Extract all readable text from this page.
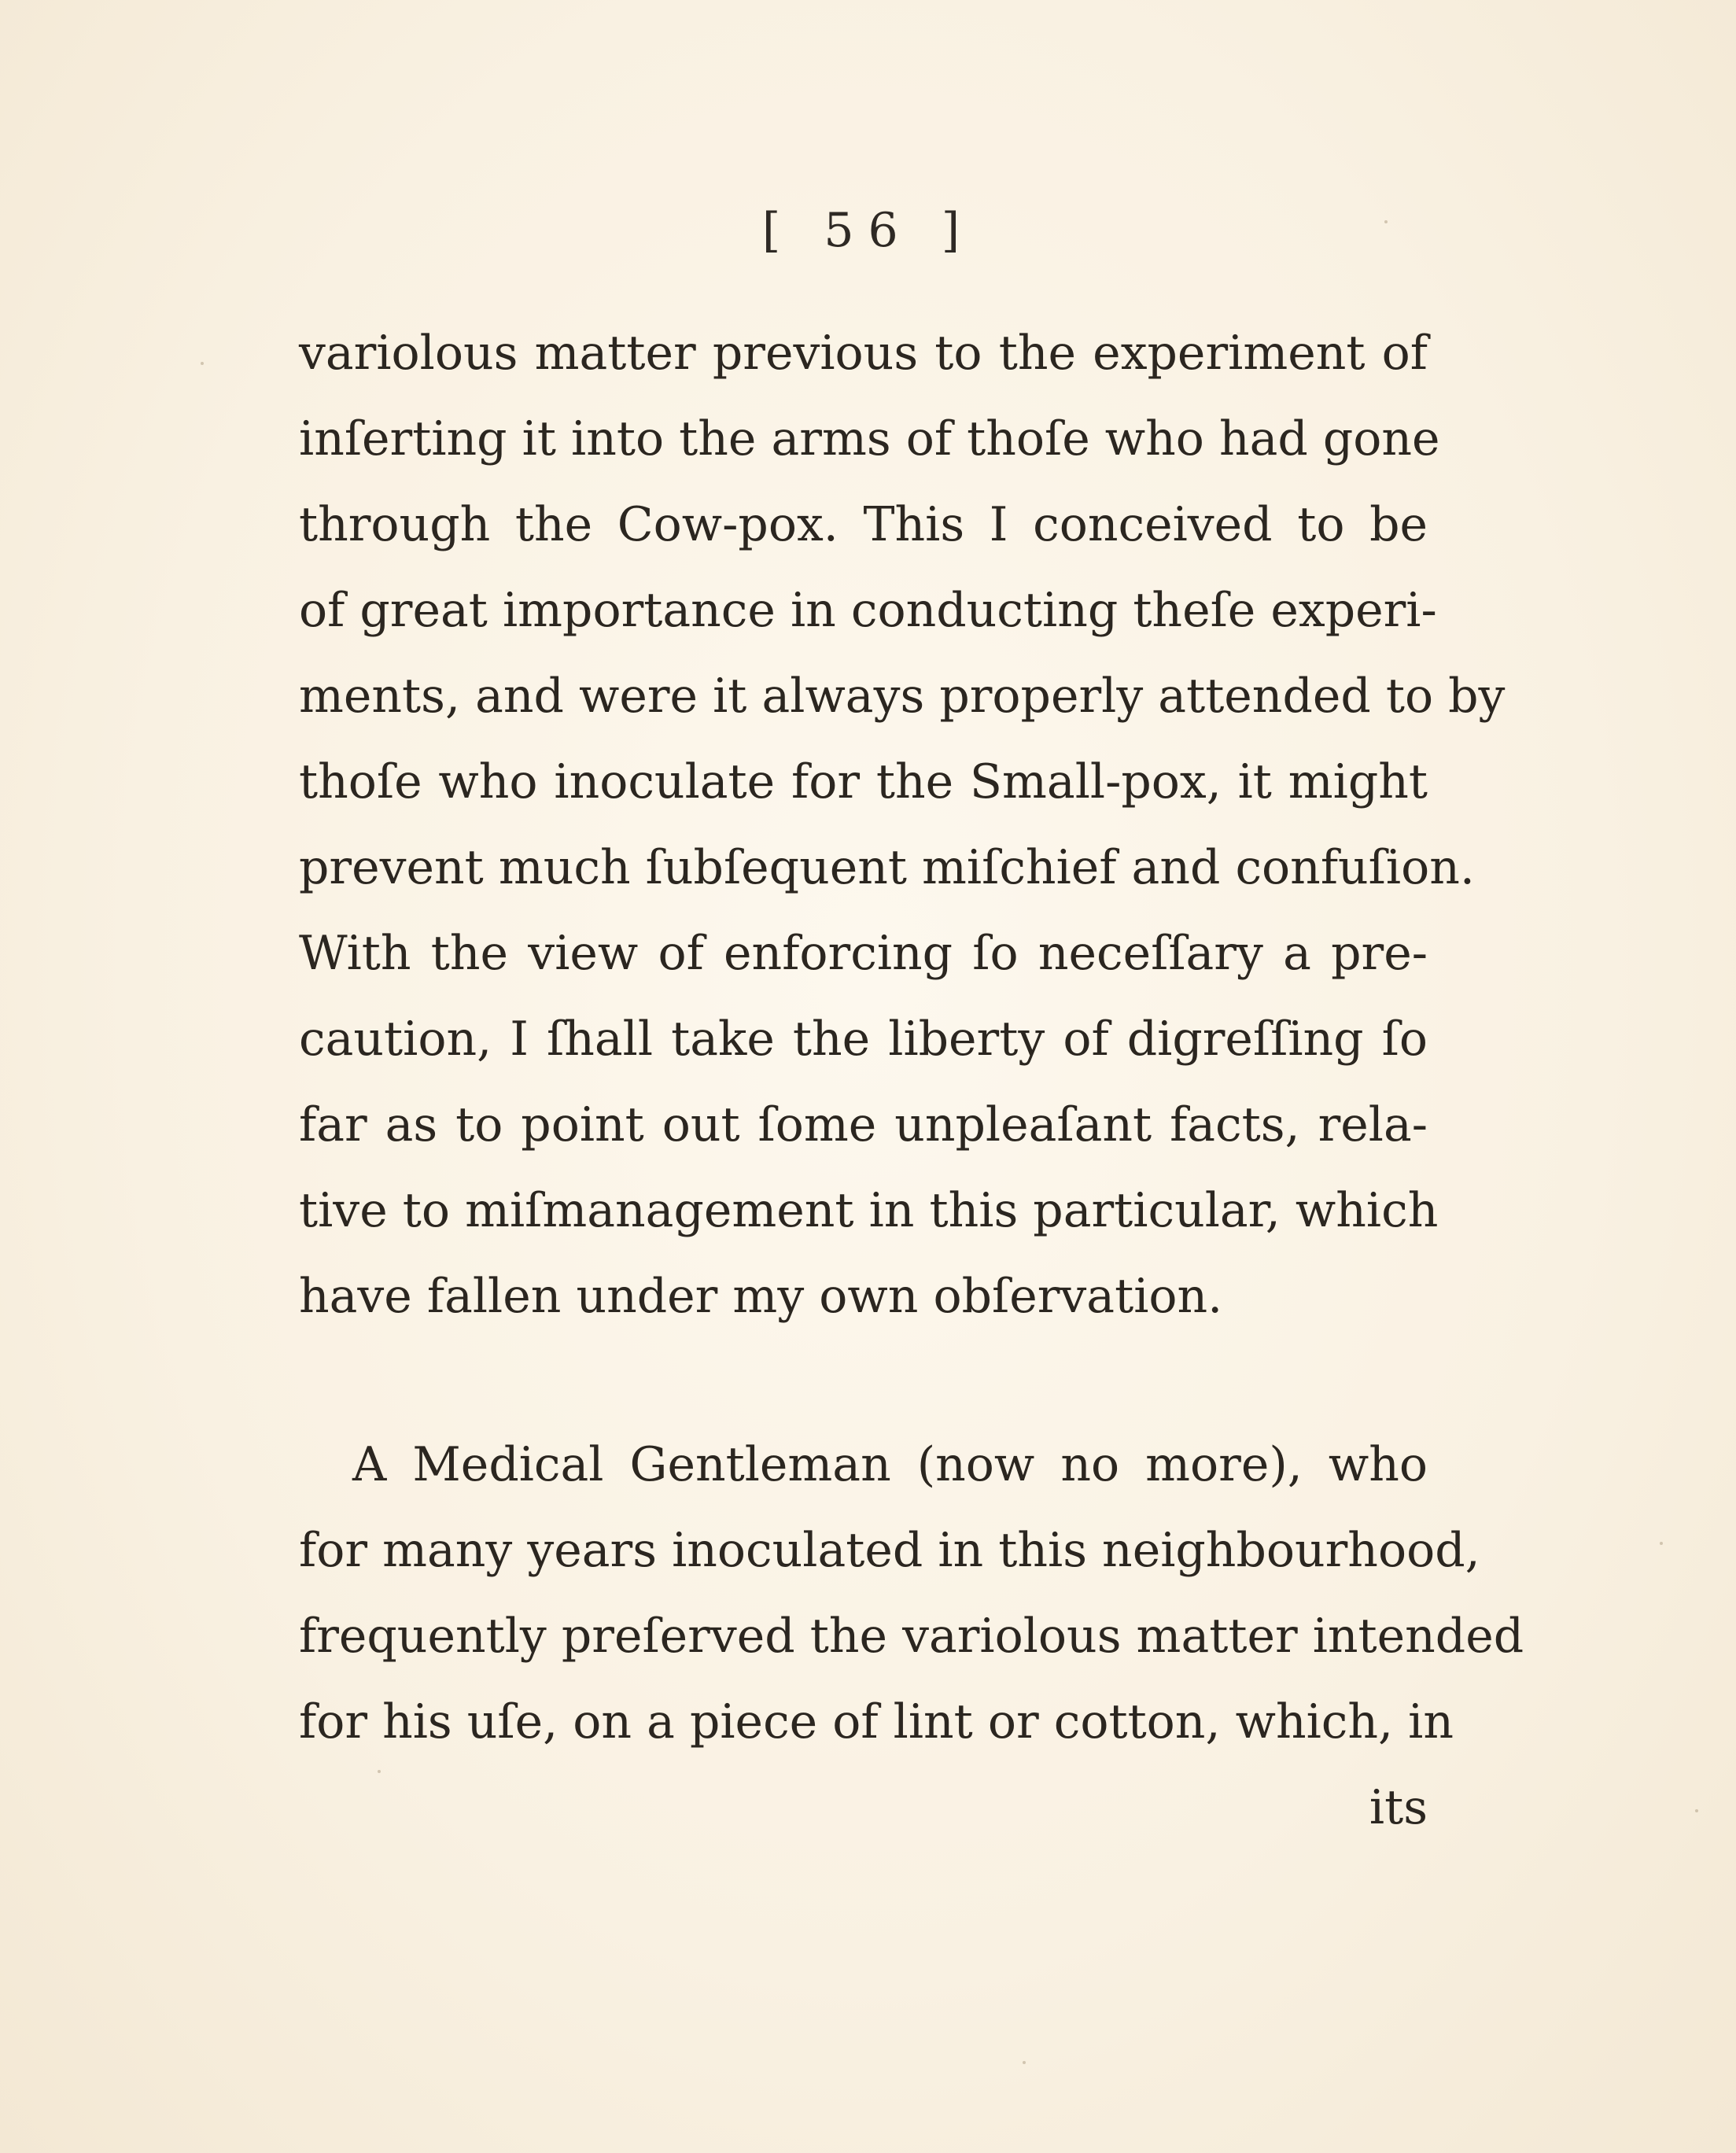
[ 56 ]
variolous matter previous to the experiment of
inſerting it into the arms of thoſe who had gone
through the Cow-pox. This I conceived to be
of great importance in conducting theſe experi-
ments, and were it always properly attended to by
thoſe who inoculate for the Small-pox, it might
prevent much ſubſequent miſchief and confuſion.
With the view of enforcing ſo neceſſary a pre-
caution, I ſhall take the liberty of digreſſing ſo
far as to point out ſome unpleaſant facts, rela-
tive to miſmanagement in this particular, which
have fallen under my own obſervation.
A Medical Gentleman (now no more), who
for many years inoculated in this neighbourhood,
frequently preſerved the variolous matter intended
for his uſe, on a piece of lint or cotton, which, in
its
